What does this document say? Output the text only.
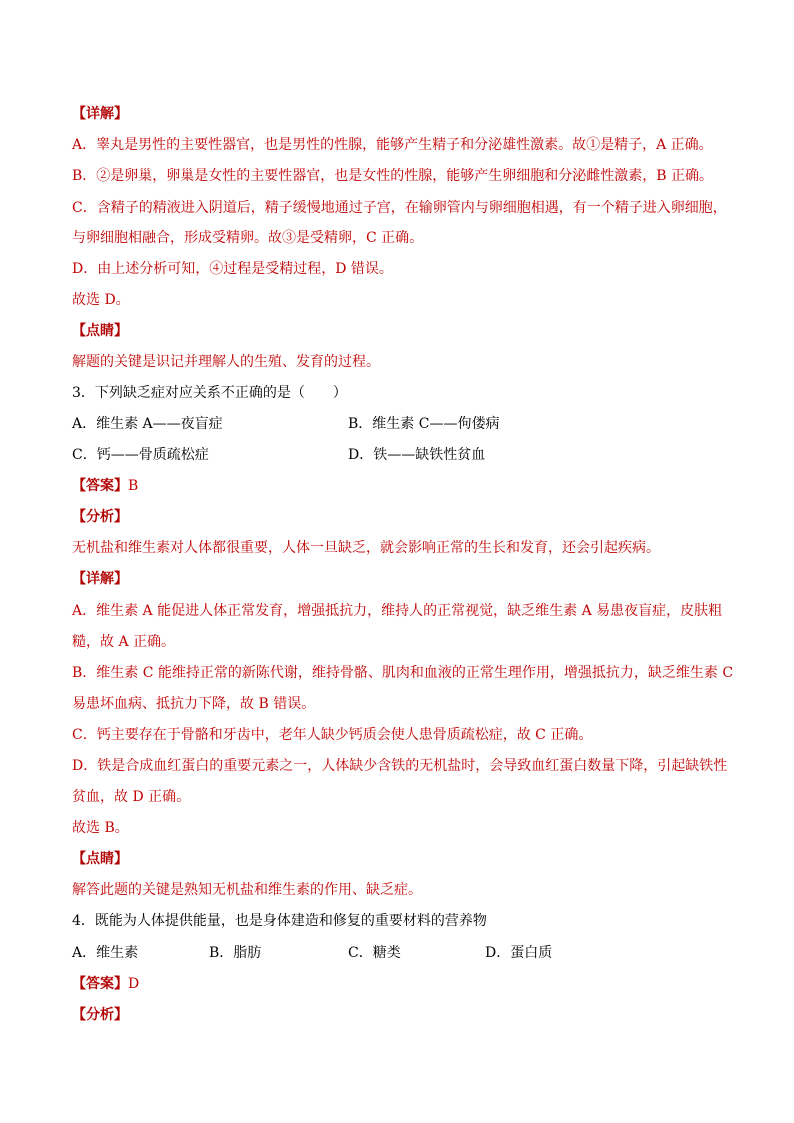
【详解】
A．睾丸是男性的主要性器官，也是男性的性腺，能够产生精子和分泌雄性激素。故①是精子，A 正确。
B．②是卵巢，卵巢是女性的主要性器官，也是女性的性腺，能够产生卵细胞和分泌雌性激素，B 正确。
C．含精子的精液进入阴道后，精子缓慢地通过子宫，在输卵管内与卵细胞相遇，有一个精子进入卵细胞，
与卵细胞相融合，形成受精卵。故③是受精卵，C 正确。
D．由上述分析可知，④过程是受精过程，D 错误。
故选 D。
【点睛】
解题的关键是识记并理解人的生殖、发育的过程。
3．下列缺乏症对应关系不正确的是（　　）
A．维生素 A——夜盲症	B．维生素 C——佝偻病
C．钙——骨质疏松症	D．铁——缺铁性贫血
【答案】B
【分析】
无机盐和维生素对人体都很重要，人体一旦缺乏，就会影响正常的生长和发育，还会引起疾病。
【详解】
A．维生素 A 能促进人体正常发育，增强抵抗力，维持人的正常视觉，缺乏维生素 A 易患夜盲症，皮肤粗
糙，故 A 正确。
B．维生素 C 能维持正常的新陈代谢，维持骨骼、肌肉和血液的正常生理作用，增强抵抗力，缺乏维生素 C
易患坏血病、抵抗力下降，故 B 错误。
C．钙主要存在于骨骼和牙齿中，老年人缺少钙质会使人患骨质疏松症，故 C 正确。
D．铁是合成血红蛋白的重要元素之一，人体缺少含铁的无机盐时，会导致血红蛋白数量下降，引起缺铁性
贫血，故 D 正确。
故选 B。
【点睛】
解答此题的关键是熟知无机盐和维生素的作用、缺乏症。
4．既能为人体提供能量，也是身体建造和修复的重要材料的营养物
A．维生素	B．脂肪	C．糖类	D．蛋白质
【答案】D
【分析】
